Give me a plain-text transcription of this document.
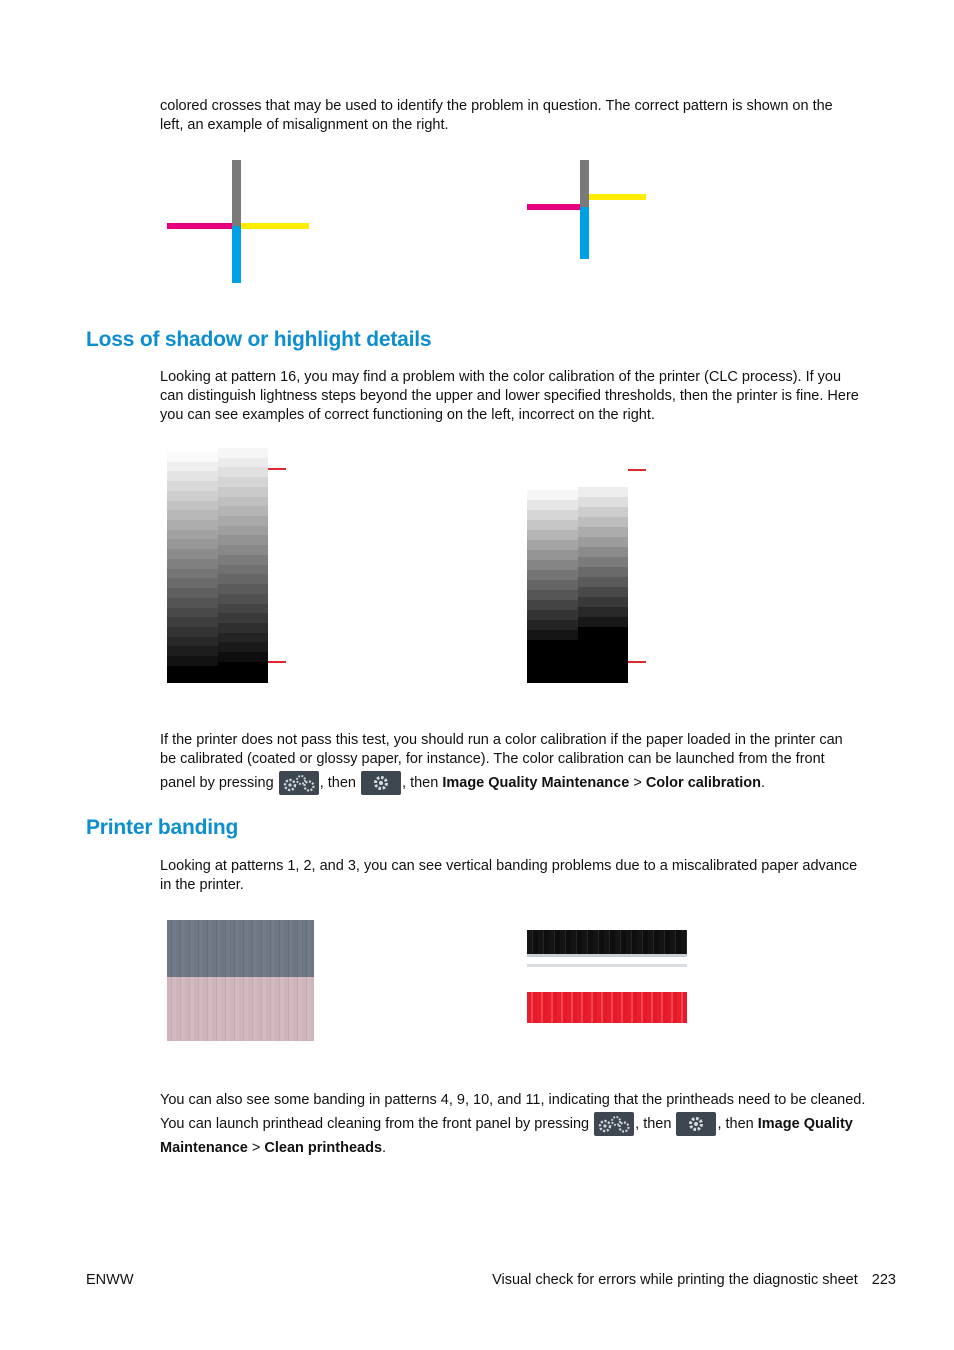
colored crosses that may be used to identify the problem in question. The correct pattern is shown on the
left, an example of misalignment on the right.
Loss of shadow or highlight details
Looking at pattern 16, you may find a problem with the color calibration of the printer (CLC process). If you
can distinguish lightness steps beyond the upper and lower specified thresholds, then the printer is fine. Here
you can see examples of correct functioning on the left, incorrect on the right.
If the printer does not pass this test, you should run a color calibration if the paper loaded in the printer can
be calibrated (coated or glossy paper, for instance). The color calibration can be launched from the front
panel by pressing	, then	, then Image Quality Maintenance > Color calibration.
Printer banding
Looking at patterns 1, 2, and 3, you can see vertical banding problems due to a miscalibrated paper advance
in the printer.
You can also see some banding in patterns 4, 9, 10, and 11, indicating that the printheads need to be cleaned.
You can launch printhead cleaning from the front panel by pressing	, then	, then Image Quality
Maintenance > Clean printheads.
ENWW	Visual check for errors while printing the diagnostic sheet 223
